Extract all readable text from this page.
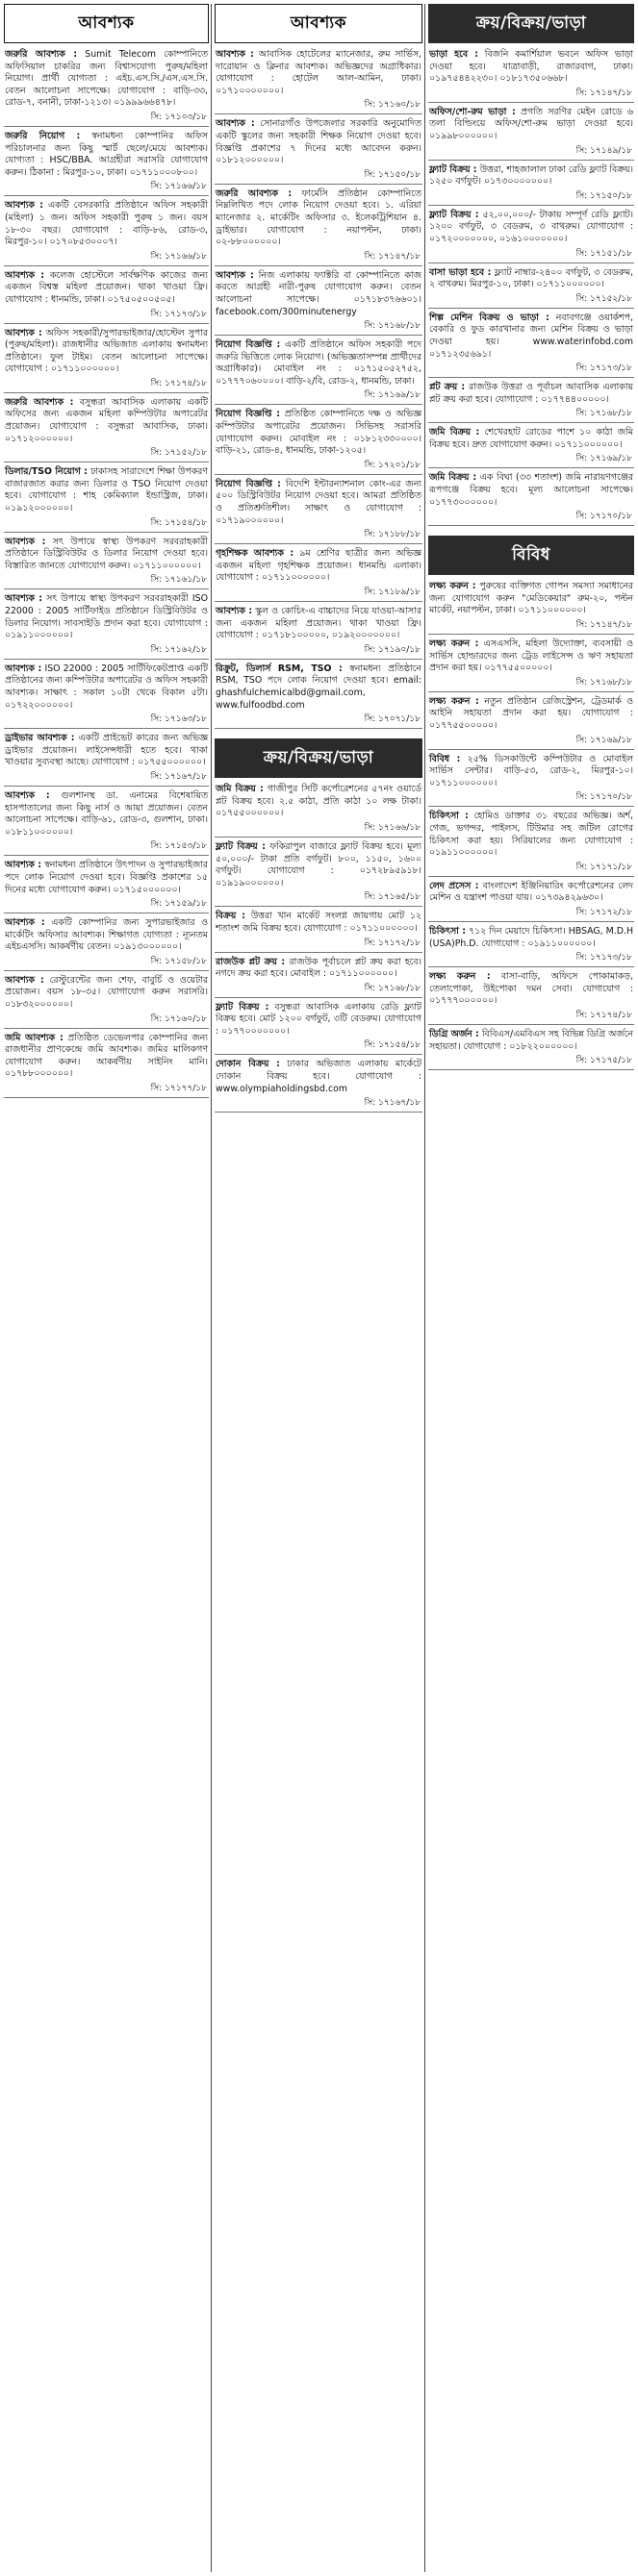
আবশ্যক
জরুরি আবশ্যক : Sumit Telecom কোম্পানিতে অফিসিয়াল চাকরির জন্য বিশ্বাসযোগ্য পুরুষ/মহিলা নিয়োগ। প্রার্থী যোগ্যতা : এইচ.এস.সি./এস.এস.সি. বেতন আলোচনা সাপেক্ষে। যোগাযোগ : বাড়ি-৩৩, রোড-৭, বনানী, ঢাকা-১২১৩। ০১৯৯৯৬৬৪৭৮।
সি: ১৭১০৩/১৮
জরুরি নিয়োগ : স্বনামধন্য কোম্পানির অফিস পরিচালনার জন্য কিছু স্মার্ট ছেলে/মেয়ে আবশ্যক। যোগ্যতা : HSC/BBA. আগ্রহীরা সরাসরি যোগাযোগ করুন। ঠিকানা : মিরপুর-১০, ঢাকা। ০১৭১১০০০৮০০।
সি: ১৭১৬৬/১৮
আবশ্যক : একটি বেসরকারি প্রতিষ্ঠানে অফিস সহকারী (মহিলা) ১ জন। অফিস সহকারী পুরুষ ১ জন। বয়স ১৮-৩০ বছর। যোগাযোগ : বাড়ি-৮৬, রোড-৩, মিরপুর-১০। ০১৭০৮৫৩০০০৭।
সি: ১৭১৬৬/১৮
আবশ্যক : কলেজ হোস্টেলে সার্বক্ষণিক কাজের জন্য একজন বিশ্বস্ত মহিলা প্রয়োজন। থাকা খাওয়া ফ্রি। যোগাযোগ : ধানমন্ডি, ঢাকা। ০১৭৫০৫০০৫০৫।
সি: ১৭১৭৩/১৮
আবশ্যক : অফিস সহকারী/সুপারভাইজার/হোস্টেল সুপার (পুরুষ/মহিলা)। রাজধানীর অভিজাত এলাকায় স্বনামধন্য প্রতিষ্ঠানে। ফুল টাইম। বেতন আলোচনা সাপেক্ষে। যোগাযোগ : ০১৭১১০০০০০০।
সি: ১৭১৭৪/১৮
জরুরি আবশ্যক : বসুন্ধরা আবাসিক এলাকায় একটি অফিসের জন্য একজন মহিলা কম্পিউটার অপারেটর প্রয়োজন। যোগাযোগ : বসুন্ধরা আবাসিক, ঢাকা। ০১৭১২০০০০০০।
সি: ১৭১৫২/১৮
ডিলার/TSO নিয়োগ : ঢাকাসহ সারাদেশে শিক্ষা উপকরণ বাজারজাত করার জন্য ডিলার ও TSO নিয়োগ দেওয়া হবে। যোগাযোগ : শাহ কেমিক্যাল ইন্ডাস্ট্রিজ, ঢাকা। ০১৯১২০০০০০০।
সি: ১৭১৫৪/১৮
আবশ্যক : সৎ উপায়ে স্বাস্থ্য উপকরণ সরবরাহকারী প্রতিষ্ঠানে ডিস্ট্রিবিউটর ও ডিলার নিয়োগ দেওয়া হবে। বিস্তারিত জানতে যোগাযোগ করুন। ০১৭১১০০০০০০।
সি: ১৭১৬১/১৮
আবশ্যক : সৎ উপায়ে স্বাস্থ্য উপকরণ সরবরাহকারী ISO 22000 : 2005 সার্টিফাইড প্রতিষ্ঠানে ডিস্ট্রিবিউটর ও ডিলার নিয়োগ। সাবসাইডি প্রদান করা হবে। যোগাযোগ : ০১৯১১০০০০০০।
সি: ১৭১৬২/১৮
আবশ্যক : ISO 22000 : 2005 সার্টিফিকেটপ্রাপ্ত একটি প্রতিষ্ঠানের জন্য কম্পিউটার অপারেটর ও অফিস সহকারী আবশ্যক। সাক্ষাৎ : সকাল ১০টা থেকে বিকাল ৫টা। ০১৭২২০০০০০০।
সি: ১৭১৬৩/১৮
ড্রাইভার আবশ্যক : একটি প্রাইভেট কারের জন্য অভিজ্ঞ ড্রাইভার প্রয়োজন। লাইসেন্সধারী হতে হবে। থাকা খাওয়ার সুব্যবস্থা আছে। যোগাযোগ : ০১৭৫৫০০০০০০।
সি: ১৭১৬৭/১৮
আবশ্যক : গুলশানস্থ ডা. এনামের বিশেষায়িত হাসপাতালের জন্য কিছু নার্স ও আয়া প্রয়োজন। বেতন আলোচনা সাপেক্ষে। বাড়ি-৬১, রোড-৩, গুলশান, ঢাকা। ০১৮১১০০০০০০।
সি: ১৭১৫৩/১৮
আবশ্যক : স্বনামধন্য প্রতিষ্ঠানে উৎপাদন ও সুপারভাইজার পদে লোক নিয়োগ দেওয়া হবে। বিজ্ঞপ্তি প্রকাশের ১৫ দিনের মধ্যে যোগাযোগ করুন। ০১৭১৫০০০০০০।
সি: ১৭১৫৯/১৮
আবশ্যক : একটি কোম্পানির জন্য সুপারভাইজার ও মার্কেটিং অফিসার আবশ্যক। শিক্ষাগত যোগ্যতা : ন্যূনতম এইচএসসি। আকর্ষণীয় বেতন। ০১৯১৩০০০০০০।
সি: ১৭১৫৮/১৮
আবশ্যক : রেস্টুরেন্টের জন্য শেফ, বাবুর্চি ও ওয়েটার প্রয়োজন। বয়স ১৮-৩৫। যোগাযোগ করুন সরাসরি। ০১৮৩২০০০০০০।
সি: ১৭১৬০/১৮
জমি আবশ্যক : প্রতিষ্ঠিত ডেভেলপার কোম্পানির জন্য রাজধানীর প্রাণকেন্দ্রে জমি আবশ্যক। জমির মালিকগণ যোগাযোগ করুন। আকর্ষণীয় সাইনিং মানি। ০১৭৮৮০০০০০০।
সি: ১৭১৭৭/১৮
আবশ্যক
আবশ্যক : আবাসিক হোটেলের ম্যানেজার, রুম সার্ভিস, দারোয়ান ও ক্লিনার আবশ্যক। অভিজ্ঞদের অগ্রাধিকার। যোগাযোগ : হোটেল আল-আমিন, ঢাকা। ০১৭১০০০০০০০।
সি: ১৭১৬০/১৮
আবশ্যক : সোনারগাঁও উপজেলার সরকারি অনুমোদিত একটি স্কুলের জন্য সহকারী শিক্ষক নিয়োগ দেওয়া হবে। বিজ্ঞপ্তি প্রকাশের ৭ দিনের মধ্যে আবেদন করুন। ০১৮১২০০০০০০।
সি: ১৭১৫০/১৮
জরুরি আবশ্যক : ফার্মেসি প্রতিষ্ঠান কোম্পানিতে নিম্নলিখিত পদে লোক নিয়োগ দেওয়া হবে। ১. এরিয়া ম্যানেজার ২. মার্কেটিং অফিসার ৩. ইলেকট্রিশিয়ান ৪. ড্রাইভার। যোগাযোগ : নয়াপল্টন, ঢাকা। ০২-৮৮০০০০০০।
সি: ১৭১৪৭/১৮
আবশ্যক : নিজ এলাকায় ফ্যাক্টরি বা কোম্পানিতে কাজ করতে আগ্রহী নারী-পুরুষ যোগাযোগ করুন। বেতন আলোচনা সাপেক্ষে। ০১৭১৮৩৭৬৬০১। facebook.com/300minutenergy
সি: ১৭১৬৮/১৮
নিয়োগ বিজ্ঞপ্তি : একটি প্রতিষ্ঠানে অফিস সহকারী পদে জরুরি ভিত্তিতে লোক নিয়োগ। (অভিজ্ঞতাসম্পন্ন প্রার্থীদের অগ্রাধিকার)। মোবাইল নং : ০১৭১৫০৫২৭৫২, ০১৭৭৭০৬০০০০। বাড়ি-২/বি, রোড-২, ধানমন্ডি, ঢাকা।
সি: ১৭১৬৯/১৮
নিয়োগ বিজ্ঞপ্তি : প্রতিষ্ঠিত কোম্পানিতে দক্ষ ও অভিজ্ঞ কম্পিউটার অপারেটর প্রয়োজন। সিভিসহ সরাসরি যোগাযোগ করুন। মোবাইল নং : ০১৮১২৩৩০০০০। বাড়ি-২১, রোড-৪, ধানমন্ডি, ঢাকা-১২০৫।
সি: ১৭২০১/১৮
নিয়োগ বিজ্ঞপ্তি : বিদেশি ইন্টারন্যাশনাল কোং-এর জন্য ৫০০ ডিস্ট্রিবিউটর নিয়োগ দেওয়া হবে। আমরা প্রতিষ্ঠিত ও প্রতিশ্রুতিশীল। সাক্ষাৎ ও যোগাযোগ : ০১৭১৯০০০০০০।
সি: ১৭১৮৮/১৮
গৃহশিক্ষক আবশ্যক : ৯ম শ্রেণির ছাত্রীর জন্য অভিজ্ঞ একজন মহিলা গৃহশিক্ষক প্রয়োজন। ধানমন্ডি এলাকা। যোগাযোগ : ০১৭১১০০০০০০।
সি: ১৭১৮৯/১৮
আবশ্যক : স্কুল ও কোচিং-এ বাচ্চাদের নিয়ে যাওয়া-আসার জন্য একজন মহিলা প্রয়োজন। থাকা খাওয়া ফ্রি। যোগাযোগ : ০১৭১৮১০০০০০, ০১৯২০০০০০০০।
সি: ১৭১৯০/১৮
রিক্রুট, ডিলার্স RSM, TSO : স্বনামধন্য প্রতিষ্ঠানে RSM, TSO পদে লোক নিয়োগ দেওয়া হবে। email: ghashfulchemicalbd@gmail.com, www.fulfoodbd.com
সি: ১৭০৭১/১৮
ক্রয়/বিক্রয়/ভাড়া
জমি বিক্রয় : গাজীপুর সিটি কর্পোরেশনের ৫৭নং ওয়ার্ডে প্লট বিক্রয় হবে। ২.৫ কাঠা, প্রতি কাঠা ১০ লক্ষ টাকা। ০১৭৫৫০০০০০০।
সি: ১৭১৬৬/১৮
ফ্ল্যাট বিক্রয় : ফকিরাপুল বাজারে ফ্ল্যাট বিক্রয় হবে। মূল্য ৫০,০০০/- টাকা প্রতি বর্গফুট। ৮০০, ১১৫০, ১৬০০ বর্গফুট। যোগাযোগ : ০১৭২৮৯৫৯১৮। ০১৯১৯০০০০০০।
সি: ১৭১৬৫/১৮
বিক্রয় : উত্তরা খান মার্কেট সংলগ্ন জায়গায় মোট ১২ শতাংশ জমি বিক্রয় হবে। যোগাযোগ : ০১৭১১০০০০০০।
সি: ১৭১৭২/১৮
রাজউক প্লট ক্রয় : রাজউক পূর্বাচলে প্লট ক্রয় করা হবে। নগদে ক্রয় করা হবে। মোবাইল : ০১৭১১০০০০০০।
সি: ১৭১৬৮/১৮
ফ্ল্যাট বিক্রয় : বসুন্ধরা আবাসিক এলাকায় রেডি ফ্ল্যাট বিক্রয় হবে। মোট ১২০০ বর্গফুট, ৩টি বেডরুম। যোগাযোগ : ০১৭৭০০০০০০০।
সি: ১৭১৫৪/১৮
দোকান বিক্রয় : ঢাকার অভিজাত এলাকায় মার্কেটে দোকান বিক্রয় হবে। যোগাযোগ : www.olympiaholdingsbd.com
সি: ১৭১৬৭/১৮
ক্রয়/বিক্রয়/ভাড়া
ভাড়া হবে : বিজনি কমার্শিয়াল ভবনে অফিস ভাড়া দেওয়া হবে। যাত্রাবাড়ী, রাজারবাগ, ঢাকা। ০১৯৭৫৪৪২২৩০। ০১৮১৭৩৫০৬৬৮।
সি: ১৭১৪৭/১৮
অফিস/শো-রুম ভাড়া : প্রগতি সরণির মেইন রোডে ৬ তলা বিল্ডিংয়ে অফিস/শো-রুম ভাড়া দেওয়া হবে। ০১৯৯৮০০০০০০।
সি: ১৭১৪৯/১৮
ফ্ল্যাট বিক্রয় : উত্তরা, শাহজালাল ঢাকা রেডি ফ্ল্যাট বিক্রয়। ১২৫০ বর্গফুট। ০১৭৩০০০০০০০।
সি: ১৭১৫০/১৮
ফ্ল্যাট বিক্রয় : ৫২,০০,০০০/- টাকায় সম্পূর্ণ রেডি ফ্ল্যাট। ১২০০ বর্গফুট, ৩ বেডরুম, ৩ বাথরুম। যোগাযোগ : ০১৭২০০০০০০০, ০১৬১০০০০০০০।
সি: ১৭১৫১/১৮
বাসা ভাড়া হবে : ফ্ল্যাট নাম্বার-২৪০০ বর্গফুট, ৩ বেডরুম, ২ বাথরুম। মিরপুর-১০, ঢাকা। ০১৭১১০০০০০০।
সি: ১৭১৫২/১৮
শিল্প মেশিন বিক্রয় ও ভাড়া : নবাবগঞ্জে ওয়ার্কশপ, বেকারি ও ফুড কারখানার জন্য মেশিন বিক্রয় ও ভাড়া দেওয়া হয়। www.waterinfobd.com ০১৭১২৩৫৬৯১।
সি: ১৭১৭৩/১৮
প্লট ক্রয় : রাজউক উত্তরা ও পূর্বাচল আবাসিক এলাকায় প্লট ক্রয় করা হবে। যোগাযোগ : ০১৭৭৪৪০০০০০।
সি: ১৭১৬৮/১৮
জমি বিক্রয় : শেখেরহাট রোডের পাশে ১০ কাঠা জমি বিক্রয় হবে। দ্রুত যোগাযোগ করুন। ০১৭১১০০০০০০।
সি: ১৭১৬৯/১৮
জমি বিক্রয় : এক বিঘা (৩৩ শতাংশ) জমি নারায়ণগঞ্জের রূপগঞ্জে বিক্রয় হবে। মূল্য আলোচনা সাপেক্ষে। ০১৭৭৩০০০০০০।
সি: ১৭১৭০/১৮
বিবিধ
লক্ষ্য করুন : পুরুষের ব্যক্তিগত গোপন সমস্যা সমাধানের জন্য যোগাযোগ করুন "মেডিকেয়ার" রুম-২০, পল্টন মার্কেট, নয়াপল্টন, ঢাকা। ০১৭১১০০০০০০।
সি: ১৭১৪৭/১৮
লক্ষ্য করুন : এসএসসি, মহিলা উদ্যোক্তা, ব্যবসায়ী ও সার্ভিস হোল্ডারদের জন্য ট্রেড লাইসেন্স ও ঋণ সহায়তা প্রদান করা হয়। ০১৭৭৫৫০০০০০।
সি: ১৭১৬৮/১৮
লক্ষ্য করুন : নতুন প্রতিষ্ঠান রেজিস্ট্রেশন, ট্রেডমার্ক ও আইনি সহায়তা প্রদান করা হয়। যোগাযোগ : ০১৭৭৫৫০০০০০।
সি: ১৭১৬৯/১৮
বিবিধ : ২৫% ডিসকাউন্টে কম্পিউটার ও মোবাইল সার্ভিস সেন্টার। বাড়ি-৫৩, রোড-২, মিরপুর-১০। ০১৭১১০০০০০০।
সি: ১৭১৭০/১৮
চিকিৎসা : হোমিও ডাক্তার ৩১ বছরের অভিজ্ঞ। অর্শ, গেজ, ভগন্দর, পাইলস, টিউমার সহ জটিল রোগের চিকিৎসা করা হয়। সিরিয়ালের জন্য যোগাযোগ : ০১৯১১০০০০০০।
সি: ১৭১৭১/১৮
লেদ প্রসেস : বাংলাদেশ ইঞ্জিনিয়ারিং কর্পোরেশনের লেদ মেশিন ও যন্ত্রাংশ পাওয়া যায়। ০১৭৩৯৪২৯৬৩০।
সি: ১৭১৭২/১৮
চিকিৎসা : ৭১২ দিন মেয়াদে চিকিৎসা। HBSAG, M.D.H (USA)Ph.D. যোগাযোগ : ০১৯১১০০০০০০।
সি: ১৭১৭৩/১৮
লক্ষ্য করুন : বাসা-বাড়ি, অফিসে পোকামাকড়, তেলাপোকা, উইপোকা দমন সেবা। যোগাযোগ : ০১৭৭৭০০০০০০।
সি: ১৭১৭৪/১৮
ডিগ্রি অর্জন : বিবিএস/এমবিএস সহ বিভিন্ন ডিগ্রি অর্জনে সহায়তা। যোগাযোগ : ০১৮২২০০০০০০।
সি: ১৭১৭৫/১৮
